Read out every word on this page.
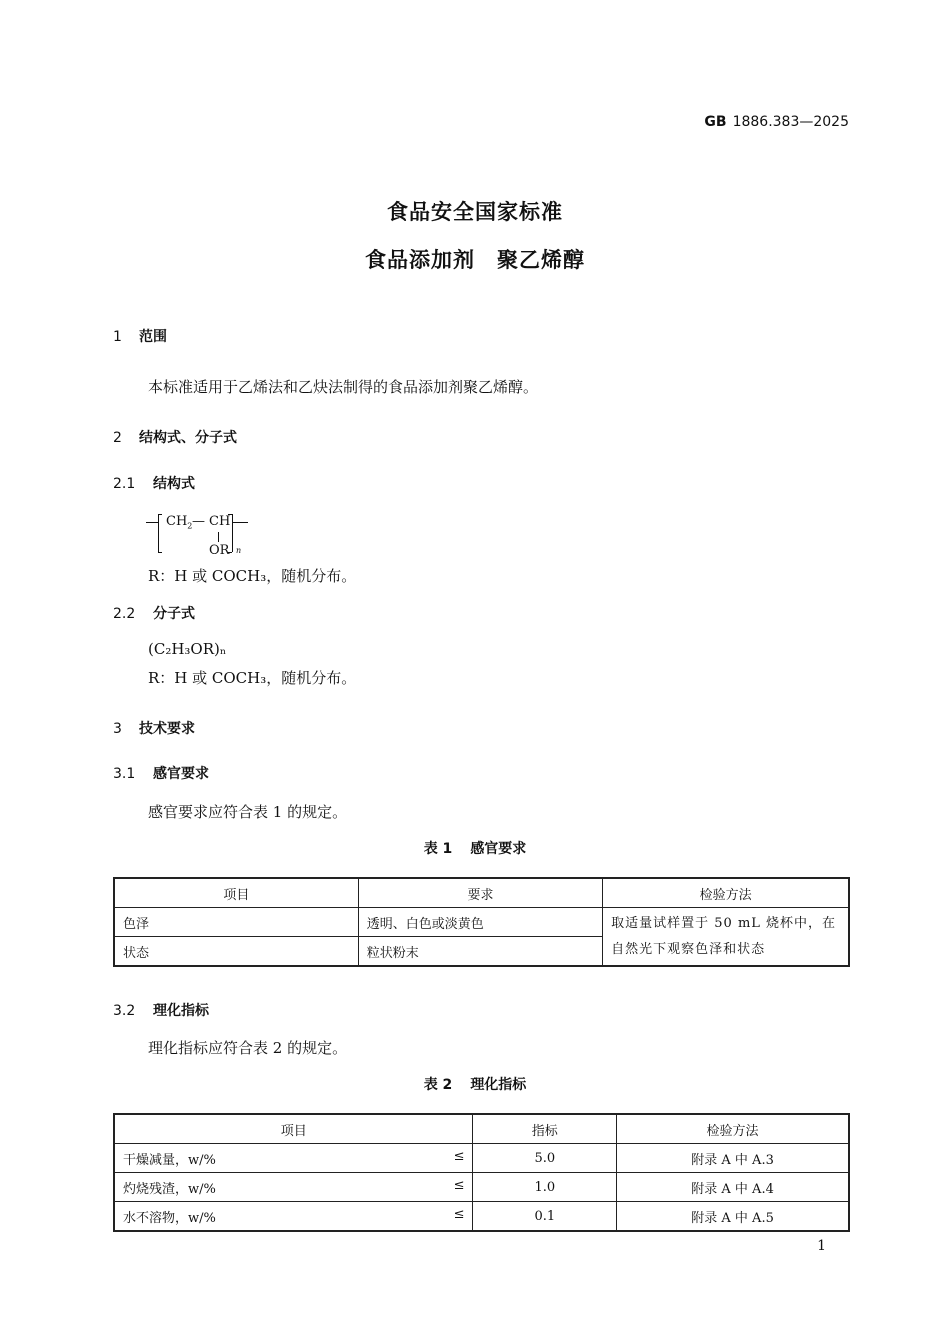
GB 1886.383—2025
食品安全国家标准
食品添加剂　聚乙烯醇
1 范围
本标准适用于乙烯法和乙炔法制得的食品添加剂聚乙烯醇。
2 结构式、分子式
2.1 结构式
$CH_2$ — CH
OR n
R：H 或 COCH₃，随机分布。
2.2 分子式
(C₂H₃OR)ₙ
R：H 或 COCH₃，随机分布。
3 技术要求
3.1 感官要求
感官要求应符合表 1 的规定。
表 1 感官要求
项目	要求	检验方法
色泽	透明、白色或淡黄色	取适量试样置于 50 mL 烧杯中，在自然光下观察色泽和状态
状态	粒状粉末	
3.2 理化指标
理化指标应符合表 2 的规定。
表 2 理化指标
项目	指标	检验方法
干燥减量，w/% ≤	5.0	附录 A 中 A.3
灼烧残渣，w/% ≤	1.0	附录 A 中 A.4
水不溶物，w/% ≤	0.1	附录 A 中 A.5
1
